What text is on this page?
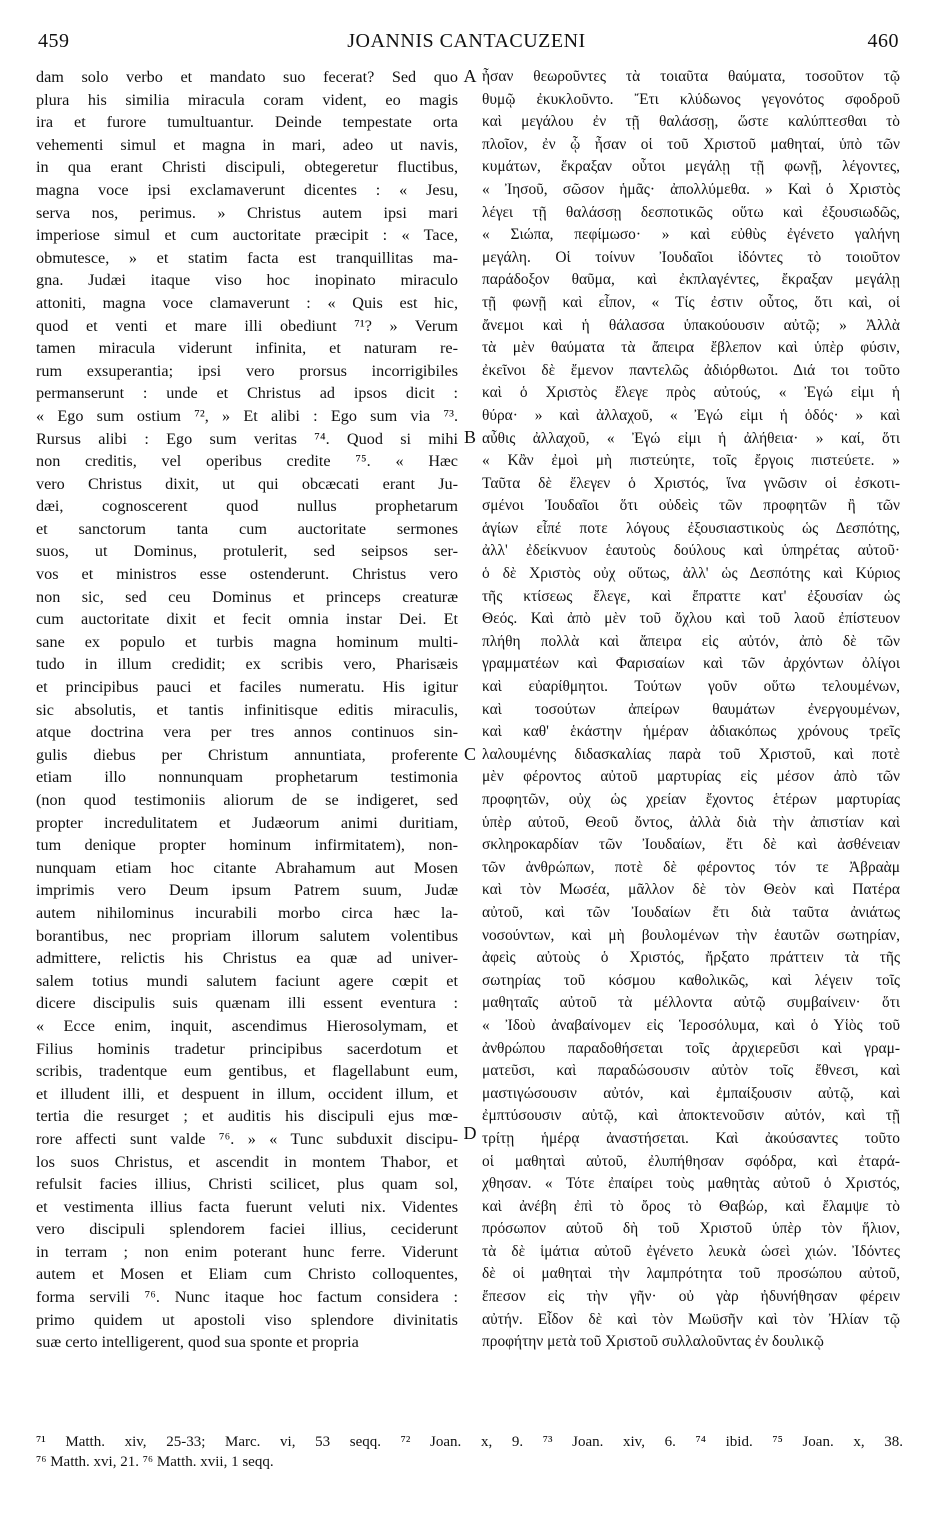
459	JOANNIS CANTACUZENI	460
dam solo verbo et mandato suo fecerat? Sed quo
plura his similia miracula coram vident, eo magis
ira et furore tumultuantur. Deinde tempestate orta
vehementi simul et magna in mari, adeo ut navis,
in qua erant Christi discipuli, obtegeretur fluctibus,
magna voce ipsi exclamaverunt dicentes : « Jesu,
serva nos, perimus. » Christus autem ipsi mari
imperiose simul et cum auctoritate præcipit : « Tace,
obmutesce, » et statim facta est tranquillitas ma-
gna. Judæi itaque viso hoc inopinato miraculo
attoniti, magna voce clamaverunt : « Quis est hic,
quod et venti et mare illi obediunt ⁷¹? » Verum
tamen miracula viderunt infinita, et naturam re-
rum exsuperantia; ipsi vero prorsus incorrigibiles
permanserunt : unde et Christus ad ipsos dicit :
« Ego sum ostium ⁷², » Et alibi : Ego sum via ⁷³.
Rursus alibi : Ego sum veritas ⁷⁴. Quod si mihi
non creditis, vel operibus credite ⁷⁵. « Hæc
vero Christus dixit, ut qui obcæcati erant Ju-
dæi, cognoscerent quod nullus prophetarum
et sanctorum tanta cum auctoritate sermones
suos, ut Dominus, protulerit, sed seipsos ser-
vos et ministros esse ostenderunt. Christus vero
non sic, sed ceu Dominus et princeps creaturæ
cum auctoritate dixit et fecit omnia instar Dei. Et
sane ex populo et turbis magna hominum multi-
tudo in illum credidit; ex scribis vero, Pharisæis
et principibus pauci et faciles numeratu. His igitur
sic absolutis, et tantis infinitisque editis miraculis,
atque doctrina vera per tres annos continuos sin-
gulis diebus per Christum annuntiata, proferente
etiam illo nonnunquam prophetarum testimonia
(non quod testimoniis aliorum de se indigeret, sed
propter incredulitatem et Judæorum animi duritiam,
tum denique propter hominum infirmitatem), non-
nunquam etiam hoc citante Abrahamum aut Mosen
imprimis vero Deum ipsum Patrem suum, Judæ
autem nihilominus incurabili morbo circa hæc la-
borantibus, nec propriam illorum salutem volentibus
admittere, relictis his Christus ea quæ ad univer-
salem totius mundi salutem faciunt agere cœpit et
dicere discipulis suis quænam illi essent eventura :
« Ecce enim, inquit, ascendimus Hierosolymam, et
Filius hominis tradetur principibus sacerdotum et
scribis, tradentque eum gentibus, et flagellabunt eum,
et illudent illi, et despuent in illum, occident illum, et
tertia die resurget ; et auditis his discipuli ejus mœ-
rore affecti sunt valde ⁷⁶. » « Tunc subduxit discipu-
los suos Christus, et ascendit in montem Thabor, et
refulsit facies illius, Christi scilicet, plus quam sol,
et vestimenta illius facta fuerunt veluti nix. Videntes
vero discipuli splendorem faciei illius, ceciderunt
in terram ; non enim poterant hunc ferre. Viderunt
autem et Mosen et Eliam cum Christo colloquentes,
forma servili ⁷⁶. Nunc itaque hoc factum considera :
primo quidem ut apostoli viso splendore divinitatis
suæ certo intelligerent, quod sua sponte et propria
A
B
C
D
ἦσαν θεωροῦντες τὰ τοιαῦτα θαύματα, τοσοῦτον τῷ
θυμῷ ἐκυκλοῦντο. Ἔτι κλύδωνος γεγονότος σφοδροῦ
καὶ μεγάλου ἐν τῇ θαλάσσῃ, ὥστε καλύπτεσθαι τὸ
πλοῖον, ἐν ᾧ ἦσαν οἱ τοῦ Χριστοῦ μαθηταί, ὑπὸ τῶν
κυμάτων, ἔκραξαν οὗτοι μεγάλῃ τῇ φωνῇ, λέγοντες,
« Ἰησοῦ, σῶσον ἡμᾶς· ἀπολλύμεθα. » Καὶ ὁ Χριστὸς
λέγει τῇ θαλάσσῃ δεσποτικῶς οὕτω καὶ ἐξουσιωδῶς,
« Σιώπα, πεφίμωσο· » καὶ εὐθὺς ἐγένετο γαλήνη
μεγάλη. Οἱ τοίνυν Ἰουδαῖοι ἰδόντες τὸ τοιοῦτον
παράδοξον θαῦμα, καὶ ἐκπλαγέντες, ἔκραξαν μεγάλῃ
τῇ φωνῇ καὶ εἶπον, « Τίς ἐστιν οὗτος, ὅτι καὶ, οἱ
ἄνεμοι καὶ ἡ θάλασσα ὑπακούουσιν αὐτῷ; » Ἀλλὰ
τὰ μὲν θαύματα τὰ ἄπειρα ἔβλεπον καὶ ὑπὲρ φύσιν,
ἐκεῖνοι δὲ ἔμενον παντελῶς ἀδιόρθωτοι. Διά τοι τοῦτο
καὶ ὁ Χριστὸς ἔλεγε πρὸς αὐτούς, « Ἐγώ εἰμι ἡ
θύρα· » καὶ ἀλλαχοῦ, « Ἐγώ εἰμι ἡ ὁδός· » καὶ
αὖθις ἀλλαχοῦ, « Ἐγώ εἰμι ἡ ἀλήθεια· » καί, ὅτι
« Κἂν ἐμοὶ μὴ πιστεύητε, τοῖς ἔργοις πιστεύετε. »
Ταῦτα δὲ ἔλεγεν ὁ Χριστός, ἵνα γνῶσιν οἱ ἐσκοτι-
σμένοι Ἰουδαῖοι ὅτι οὐδεὶς τῶν προφητῶν ἢ τῶν
ἁγίων εἶπέ ποτε λόγους ἐξουσιαστικοὺς ὡς Δεσπότης,
ἀλλ' ἐδείκνυον ἑαυτοὺς δούλους καὶ ὑπηρέτας αὐτοῦ·
ὁ δὲ Χριστὸς οὐχ οὕτως, ἀλλ' ὡς Δεσπότης καὶ Κύριος
τῆς κτίσεως ἔλεγε, καὶ ἔπραττε κατ' ἐξουσίαν ὡς
Θεός. Καὶ ἀπὸ μὲν τοῦ ὄχλου καὶ τοῦ λαοῦ ἐπίστευον
πλήθη πολλὰ καὶ ἄπειρα εἰς αὐτόν, ἀπὸ δὲ τῶν
γραμματέων καὶ Φαρισαίων καὶ τῶν ἀρχόντων ὀλίγοι
καὶ εὐαρίθμητοι. Τούτων γοῦν οὕτω τελουμένων,
καὶ τοσούτων ἀπείρων θαυμάτων ἐνεργουμένων,
καὶ καθ' ἑκάστην ἡμέραν ἀδιακόπως χρόνους τρεῖς
λαλουμένης διδασκαλίας παρὰ τοῦ Χριστοῦ, καὶ ποτὲ
μὲν φέροντος αὐτοῦ μαρτυρίας εἰς μέσον ἀπὸ τῶν
προφητῶν, οὐχ ὡς χρείαν ἔχοντος ἑτέρων μαρτυρίας
ὑπὲρ αὐτοῦ, Θεοῦ ὄντος, ἀλλὰ διὰ τὴν ἀπιστίαν καὶ
σκληροκαρδίαν τῶν Ἰουδαίων, ἔτι δὲ καὶ ἀσθένειαν
τῶν ἀνθρώπων, ποτὲ δὲ φέροντος τόν τε Ἀβραὰμ
καὶ τὸν Μωσέα, μᾶλλον δὲ τὸν Θεὸν καὶ Πατέρα
αὐτοῦ, καὶ τῶν Ἰουδαίων ἔτι διὰ ταῦτα ἀνιάτως
νοσούντων, καὶ μὴ βουλομένων τὴν ἑαυτῶν σωτηρίαν,
ἀφεὶς αὐτοὺς ὁ Χριστός, ἤρξατο πράττειν τὰ τῆς
σωτηρίας τοῦ κόσμου καθολικῶς, καὶ λέγειν τοῖς
μαθηταῖς αὐτοῦ τὰ μέλλοντα αὐτῷ συμβαίνειν· ὅτι
« Ἰδοὺ ἀναβαίνομεν εἰς Ἱεροσόλυμα, καὶ ὁ Υἱὸς τοῦ
ἀνθρώπου παραδοθήσεται τοῖς ἀρχιερεῦσι καὶ γραμ-
ματεῦσι, καὶ παραδώσουσιν αὐτὸν τοῖς ἔθνεσι, καὶ
μαστιγώσουσιν αὐτόν, καὶ ἐμπαίξουσιν αὐτῷ, καὶ
ἐμπτύσουσιν αὐτῷ, καὶ ἀποκτενοῦσιν αὐτόν, καὶ τῇ
τρίτῃ ἡμέρᾳ ἀναστήσεται. Καὶ ἀκούσαντες τοῦτο
οἱ μαθηταὶ αὐτοῦ, ἐλυπήθησαν σφόδρα, καὶ ἐταρά-
χθησαν. « Τότε ἐπαίρει τοὺς μαθητὰς αὐτοῦ ὁ Χριστός,
καὶ ἀνέβη ἐπὶ τὸ ὄρος τὸ Θαβώρ, καὶ ἔλαμψε τὸ
πρόσωπον αὐτοῦ δὴ τοῦ Χριστοῦ ὑπὲρ τὸν ἥλιον,
τὰ δὲ ἱμάτια αὐτοῦ ἐγένετο λευκὰ ὡσεὶ χιών. Ἰδόντες
δὲ οἱ μαθηταὶ τὴν λαμπρότητα τοῦ προσώπου αὐτοῦ,
ἔπεσον εἰς τὴν γῆν· οὐ γὰρ ἠδυνήθησαν φέρειν
αὐτήν. Εἶδον δὲ καὶ τὸν Μωϋσῆν καὶ τὸν Ἠλίαν τῷ
προφήτην μετὰ τοῦ Χριστοῦ συλλαλοῦντας ἐν δουλικῷ
⁷¹ Matth. xiv, 25-33; Marc. vi, 53 seqq. ⁷² Joan. x, 9. ⁷³ Joan. xiv, 6. ⁷⁴ ibid. ⁷⁵ Joan. x, 38.
⁷⁶ Matth. xvi, 21. ⁷⁶ Matth. xvii, 1 seqq.
